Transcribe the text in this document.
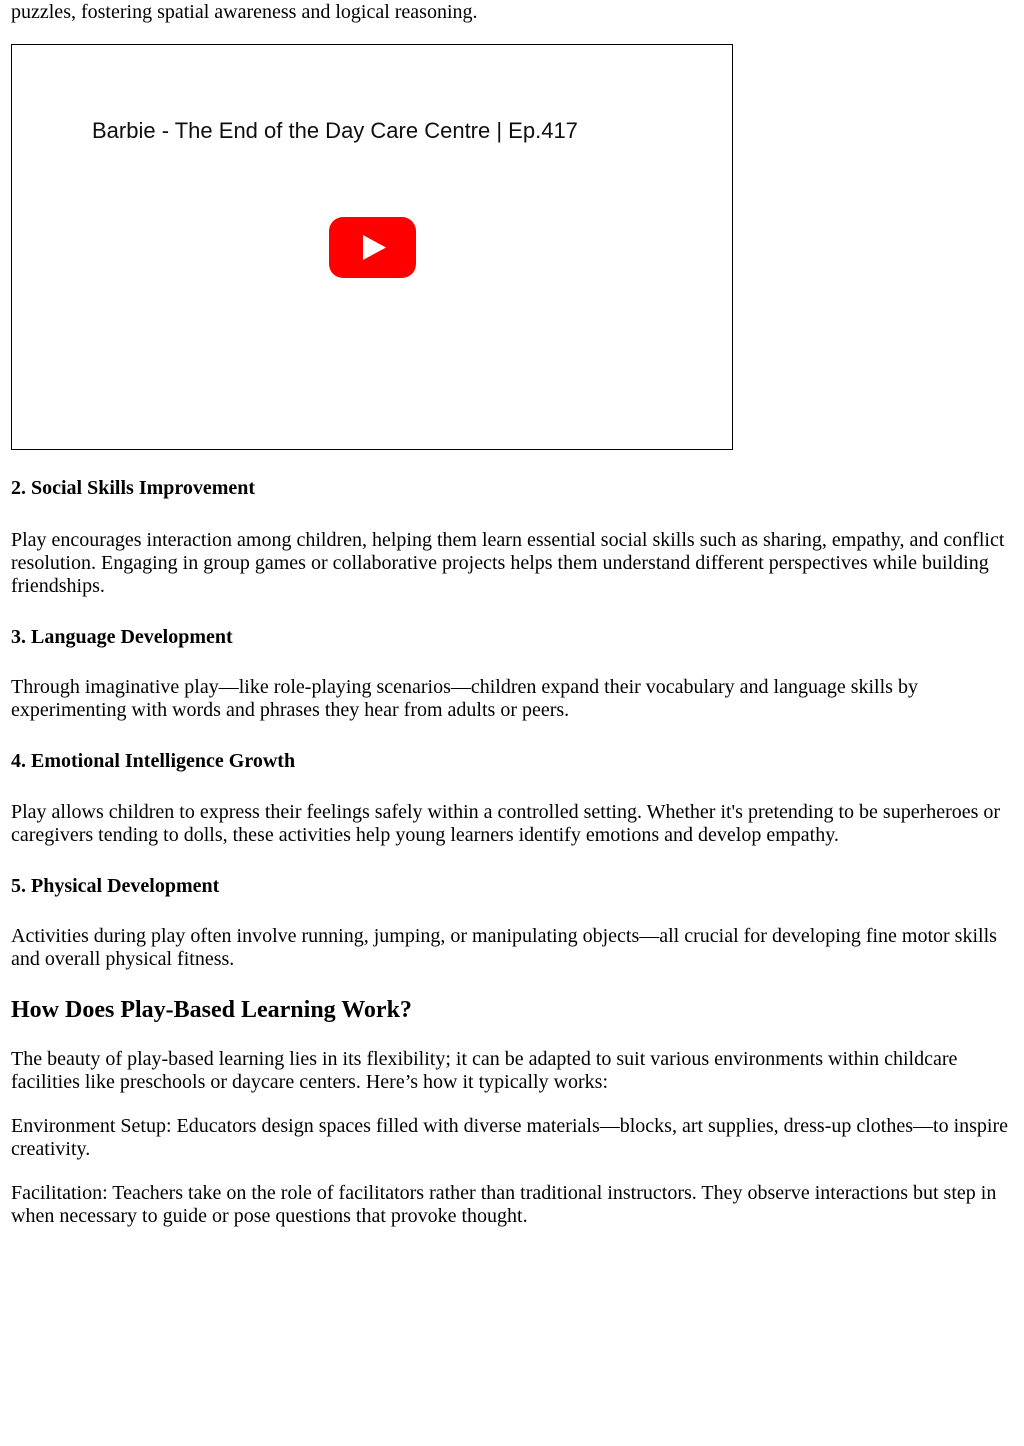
puzzles, fostering spatial awareness and logical reasoning.

Barbie - The End of the Day Care Centre | Ep.417

2. Social Skills Improvement

Play encourages interaction among children, helping them learn essential social skills such as sharing, empathy, and conflict resolution. Engaging in group games or collaborative projects helps them understand different perspectives while building friendships.

3. Language Development

Through imaginative play—like role-playing scenarios—children expand their vocabulary and language skills by experimenting with words and phrases they hear from adults or peers.

4. Emotional Intelligence Growth

Play allows children to express their feelings safely within a controlled setting. Whether it's pretending to be superheroes or caregivers tending to dolls, these activities help young learners identify emotions and develop empathy.

5. Physical Development

Activities during play often involve running, jumping, or manipulating objects—all crucial for developing fine motor skills and overall physical fitness.

How Does Play-Based Learning Work?

The beauty of play-based learning lies in its flexibility; it can be adapted to suit various environments within childcare facilities like preschools or daycare centers. Here’s how it typically works:

Environment Setup: Educators design spaces filled with diverse materials—blocks, art supplies, dress-up clothes—to inspire creativity.

Facilitation: Teachers take on the role of facilitators rather than traditional instructors. They observe interactions but step in when necessary to guide or pose questions that provoke thought.
